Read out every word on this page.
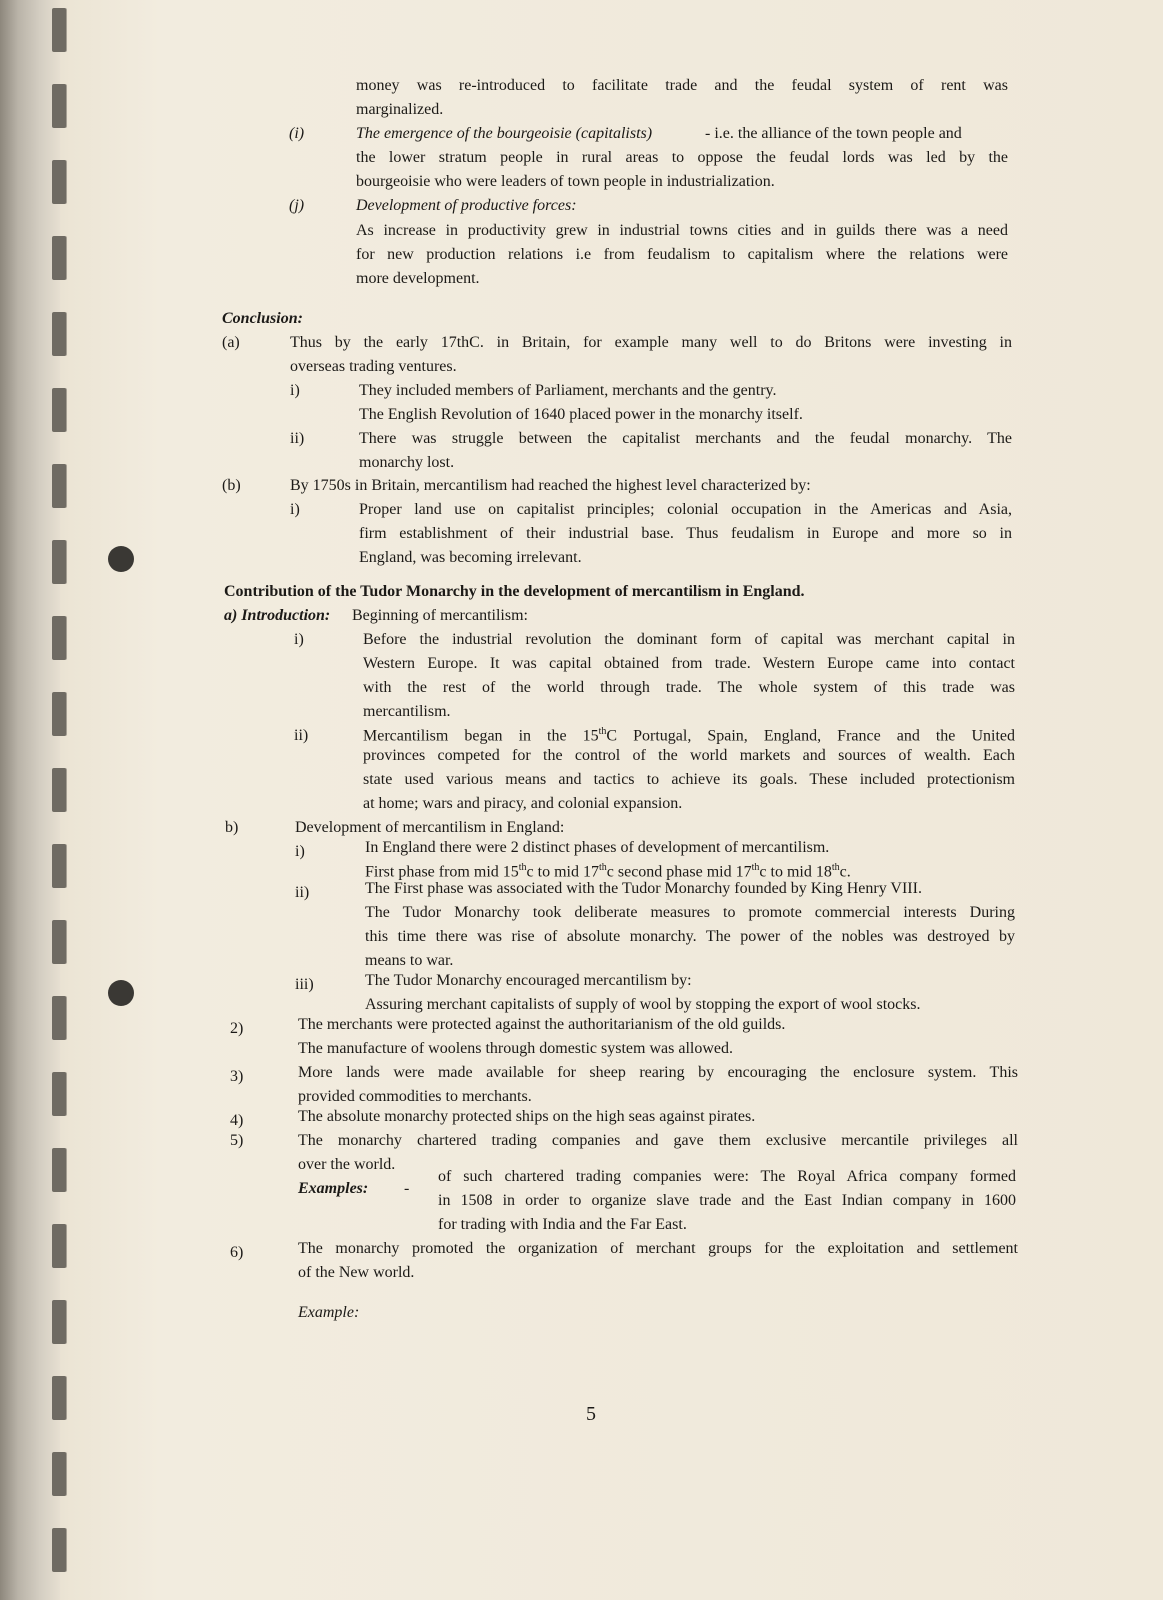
money was re-introduced to facilitate trade and the feudal system of rent was
marginalized.
(i)	The emergence of the bourgeoisie (capitalists)	- i.e. the alliance of the town people and
the lower stratum people in rural areas to oppose the feudal lords was led by the
bourgeoisie who were leaders of town people in industrialization.
(j)	Development of productive forces:
As increase in productivity grew in industrial towns cities and in guilds there was a need
for new production relations i.e from feudalism to capitalism where the relations were
more development.
Conclusion:
(a)	Thus by the early 17thC. in Britain, for example many well to do Britons were investing in
overseas trading ventures.
i)	They included members of Parliament, merchants and the gentry.
The English Revolution of 1640 placed power in the monarchy itself.
ii)	There was struggle between the capitalist merchants and the feudal monarchy. The
monarchy lost.
(b)	By 1750s in Britain, mercantilism had reached the highest level characterized by:
i)	Proper land use on capitalist principles; colonial occupation in the Americas and Asia,
firm establishment of their industrial base. Thus feudalism in Europe and more so in
England, was becoming irrelevant.
Contribution of the Tudor Monarchy in the development of mercantilism in England.
a) Introduction: Beginning of mercantilism:
i)	Before the industrial revolution the dominant form of capital was merchant capital in
Western Europe. It was capital obtained from trade. Western Europe came into contact
with the rest of the world through trade. The whole system of this trade was
mercantilism.
ii)	Mercantilism began in the 15thC Portugal, Spain, England, France and the United
provinces competed for the control of the world markets and sources of wealth. Each
state used various means and tactics to achieve its goals. These included protectionism
at home; wars and piracy, and colonial expansion.
b)	Development of mercantilism in England:
i)	In England there were 2 distinct phases of development of mercantilism.
First phase from mid 15thc to mid 17thc second phase mid 17thc to mid 18thc.
ii)	The First phase was associated with the Tudor Monarchy founded by King Henry VIII.
The Tudor Monarchy took deliberate measures to promote commercial interests During
this time there was rise of absolute monarchy. The power of the nobles was destroyed by
means to war.
iii)	The Tudor Monarchy encouraged mercantilism by:
Assuring merchant capitalists of supply of wool by stopping the export of wool stocks.
2)	The merchants were protected against the authoritarianism of the old guilds.
The manufacture of woolens through domestic system was allowed.
3)	More lands were made available for sheep rearing by encouraging the enclosure system. This
provided commodities to merchants.
4)	The absolute monarchy protected ships on the high seas against pirates.
5)	The monarchy chartered trading companies and gave them exclusive mercantile privileges all
over the world.
Examples: -
of such chartered trading companies were: The Royal Africa company formed
in 1508 in order to organize slave trade and the East Indian company in 1600
for trading with India and the Far East.
6)	The monarchy promoted the organization of merchant groups for the exploitation and settlement
of the New world.
Example:
5
